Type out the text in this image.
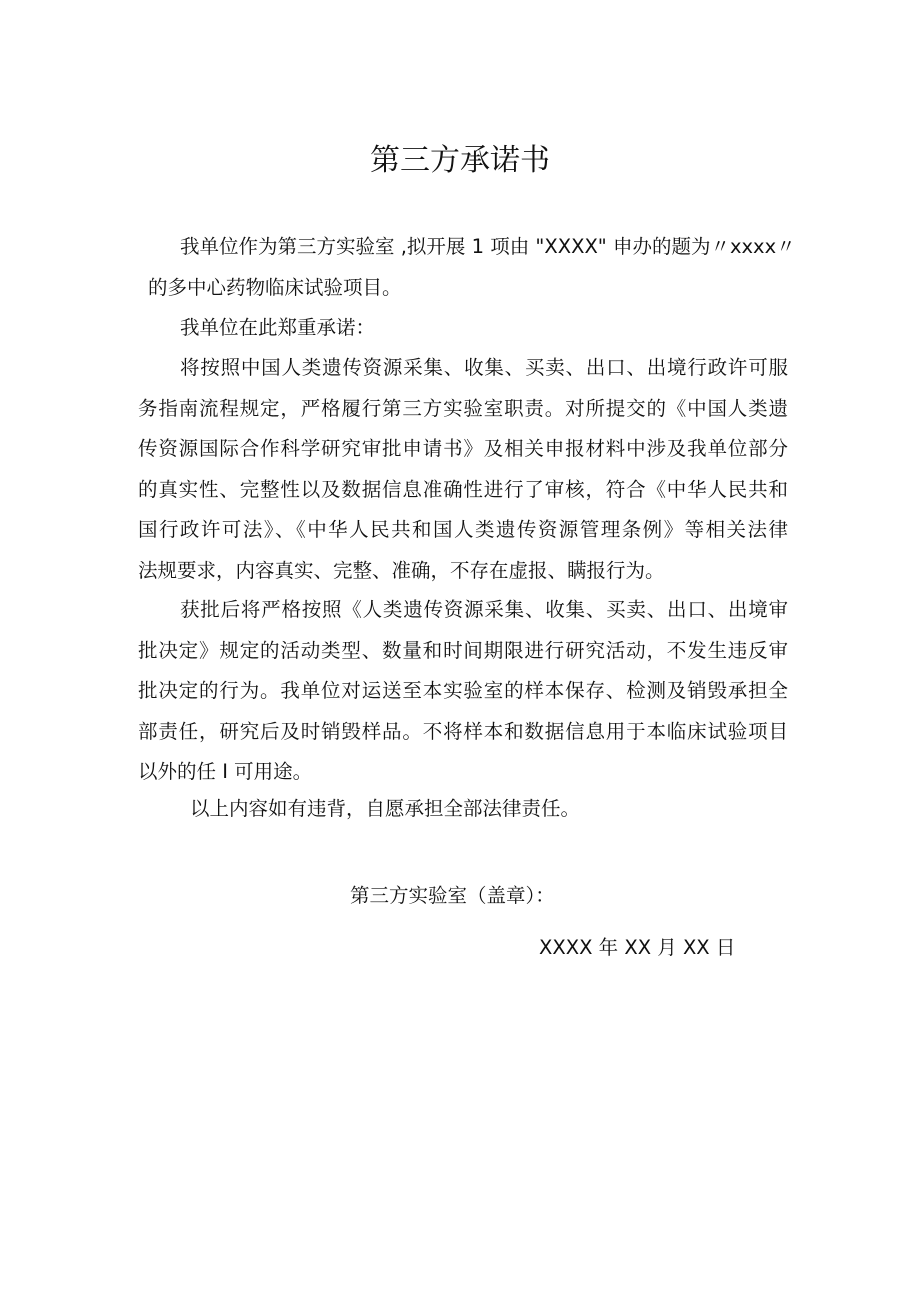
第三方承诺书
我单位作为第三方实验室 ,拟开展 1 项由 "XXXX" 申办的题为〃xxxx〃
的多中心药物临床试验项目。
我单位在此郑重承诺：
将按照中国人类遗传资源采集、收集、买卖、出口、出境行政许可服
务指南流程规定，严格履行第三方实验室职责。对所提交的《中国人类遗
传资源国际合作科学研究审批申请书》及相关申报材料中涉及我单位部分
的真实性、完整性以及数据信息准确性进行了审核，符合《中华人民共和
国行政许可法》、《中华人民共和国人类遗传资源管理条例》等相关法律
法规要求，内容真实、完整、准确，不存在虚报、瞒报行为。
获批后将严格按照《人类遗传资源采集、收集、买卖、出口、出境审
批决定》规定的活动类型、数量和时间期限进行研究活动，不发生违反审
批决定的行为。我单位对运送至本实验室的样本保存、检测及销毁承担全
部责任，研究后及时销毁样品。不将样本和数据信息用于本临床试验项目
以外的任 I 可用途。
以上内容如有违背，自愿承担全部法律责任。
第三方实验室（盖章）：
XXXX 年 XX 月 XX 日
